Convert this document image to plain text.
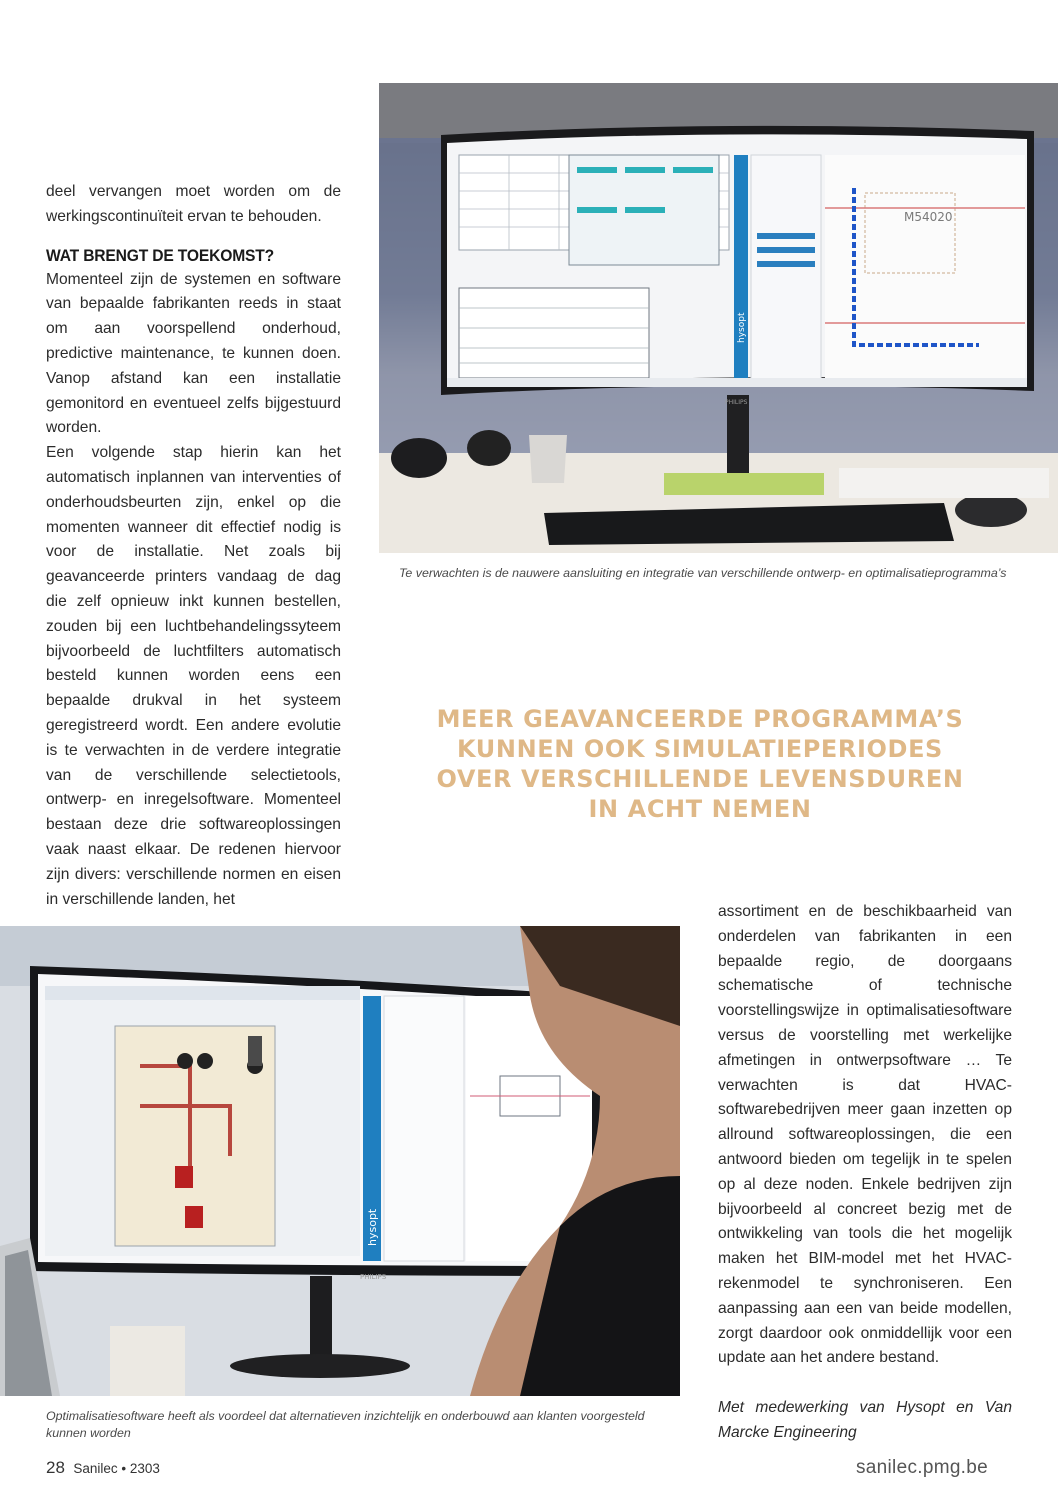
deel vervangen moet worden om de werkingscontinuïteit ervan te behouden.

WAT BRENGT DE TOEKOMST?

Momenteel zijn de systemen en software van bepaalde fabrikanten reeds in staat om aan voorspellend onderhoud, predictive maintenance, te kunnen doen. Vanop afstand kan een installatie gemonitord en eventueel zelfs bijgestuurd worden.

Een volgende stap hierin kan het automatisch inplannen van interventies of onderhoudsbeurten zijn, enkel op die momenten wanneer dit effectief nodig is voor de installatie. Net zoals bij geavanceerde printers vandaag de dag die zelf opnieuw inkt kunnen bestellen, zouden bij een luchtbehandelingssyteem bijvoorbeeld de luchtfilters automatisch besteld kunnen worden eens een bepaalde drukval in het systeem geregistreerd wordt. Een andere evolutie is te verwachten in de verdere integratie van de verschillende selectietools, ontwerp- en inregelsoftware. Momenteel bestaan deze drie softwareoplossingen vaak naast elkaar. De redenen hiervoor zijn divers: verschillende normen en eisen in verschillende landen, het

hysopt
M54020
PHILIPS
Te verwachten is de nauwere aansluiting en integratie van verschillende ontwerp- en optimalisatieprogramma’s
MEER GEAVANCEERDE PROGRAMMA’S
KUNNEN OOK SIMULATIEPERIODES
OVER VERSCHILLENDE LEVENSDUREN
IN ACHT NEMEN
hysopt
PHILIPS
Optimalisatiesoftware heeft als voordeel dat alternatieven inzichtelijk en onderbouwd aan klanten voorgesteld kunnen worden

assortiment en de beschikbaarheid van onderdelen van fabrikanten in een bepaalde regio, de doorgaans schematische of technische voorstellingswijze in optimalisatiesoftware versus de voorstelling met werkelijke afmetingen in ontwerpsoftware … Te verwachten is dat HVAC-softwarebedrijven meer gaan inzetten op allround softwareoplossingen, die een antwoord bieden om tegelijk in te spelen op al deze noden. Enkele bedrijven zijn bijvoorbeeld al concreet bezig met de ontwikkeling van tools die het mogelijk maken het BIM-model met het HVAC-rekenmodel te synchroniseren. Een aanpassing aan een van beide modellen, zorgt daardoor ook onmiddellijk voor een update aan het andere bestand.

Met medewerking van Hysopt en Van Marcke Engineering
28 Sanilec • 2303	sanilec.pmg.be
